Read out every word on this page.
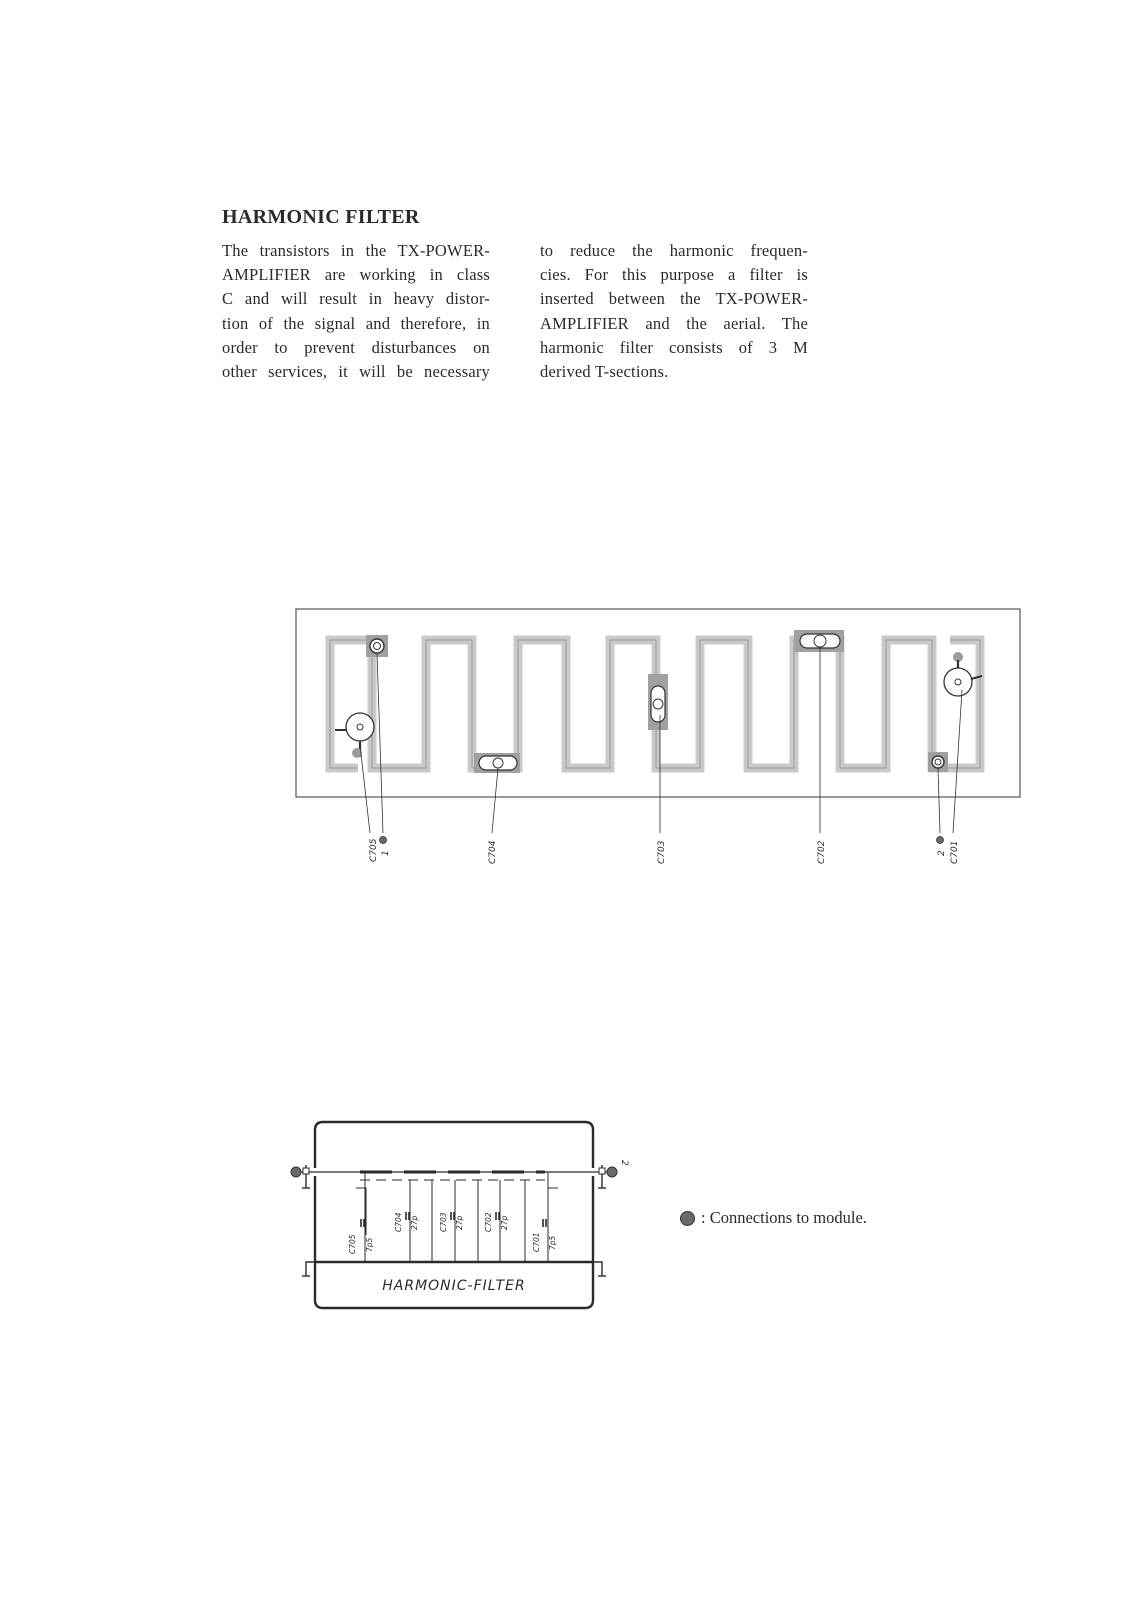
HARMONIC FILTER
The transistors in the TX-POWER-
AMPLIFIER are working in class
C and will result in heavy distor-
tion of the signal and therefore, in
order to prevent disturbances on
other services, it will be necessary
to reduce the harmonic frequen-
cies. For this purpose a filter is
inserted between the TX-POWER-
AMPLIFIER and the aerial. The
harmonic filter consists of 3 M
derived T-sections.
C705 1	C704	C703	C702	2 C701
2
C705 7p5
C704 27p	C703 27p	C702 27p
C701 7p5
HARMONIC-FILTER
: Connections to module.
